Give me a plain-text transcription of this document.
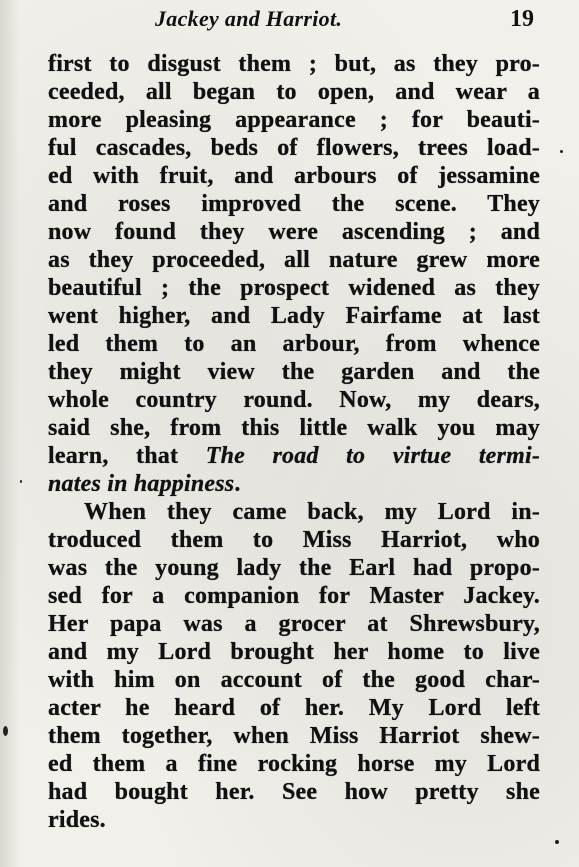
Jackey and Harriot.	19
first to disgust them ; but, as they pro-
ceeded, all began to open, and wear a
more pleasing appearance ; for beauti-
ful cascades, beds of flowers, trees load-
ed with fruit, and arbours of jessamine
and roses improved the scene. They
now found they were ascending ; and
as they proceeded, all nature grew more
beautiful ; the prospect widened as they
went higher, and Lady Fairfame at last
led them to an arbour, from whence
they might view the garden and the
whole country round. Now, my dears,
said she, from this little walk you may
learn, that The road to virtue termi-
nates in happiness.
When they came back, my Lord in-
troduced them to Miss Harriot, who
was the young lady the Earl had propo-
sed for a companion for Master Jackey.
Her papa was a grocer at Shrewsbury,
and my Lord brought her home to live
with him on account of the good char-
acter he heard of her. My Lord left
them together, when Miss Harriot shew-
ed them a fine rocking horse my Lord
had bought her. See how pretty she
rides.
